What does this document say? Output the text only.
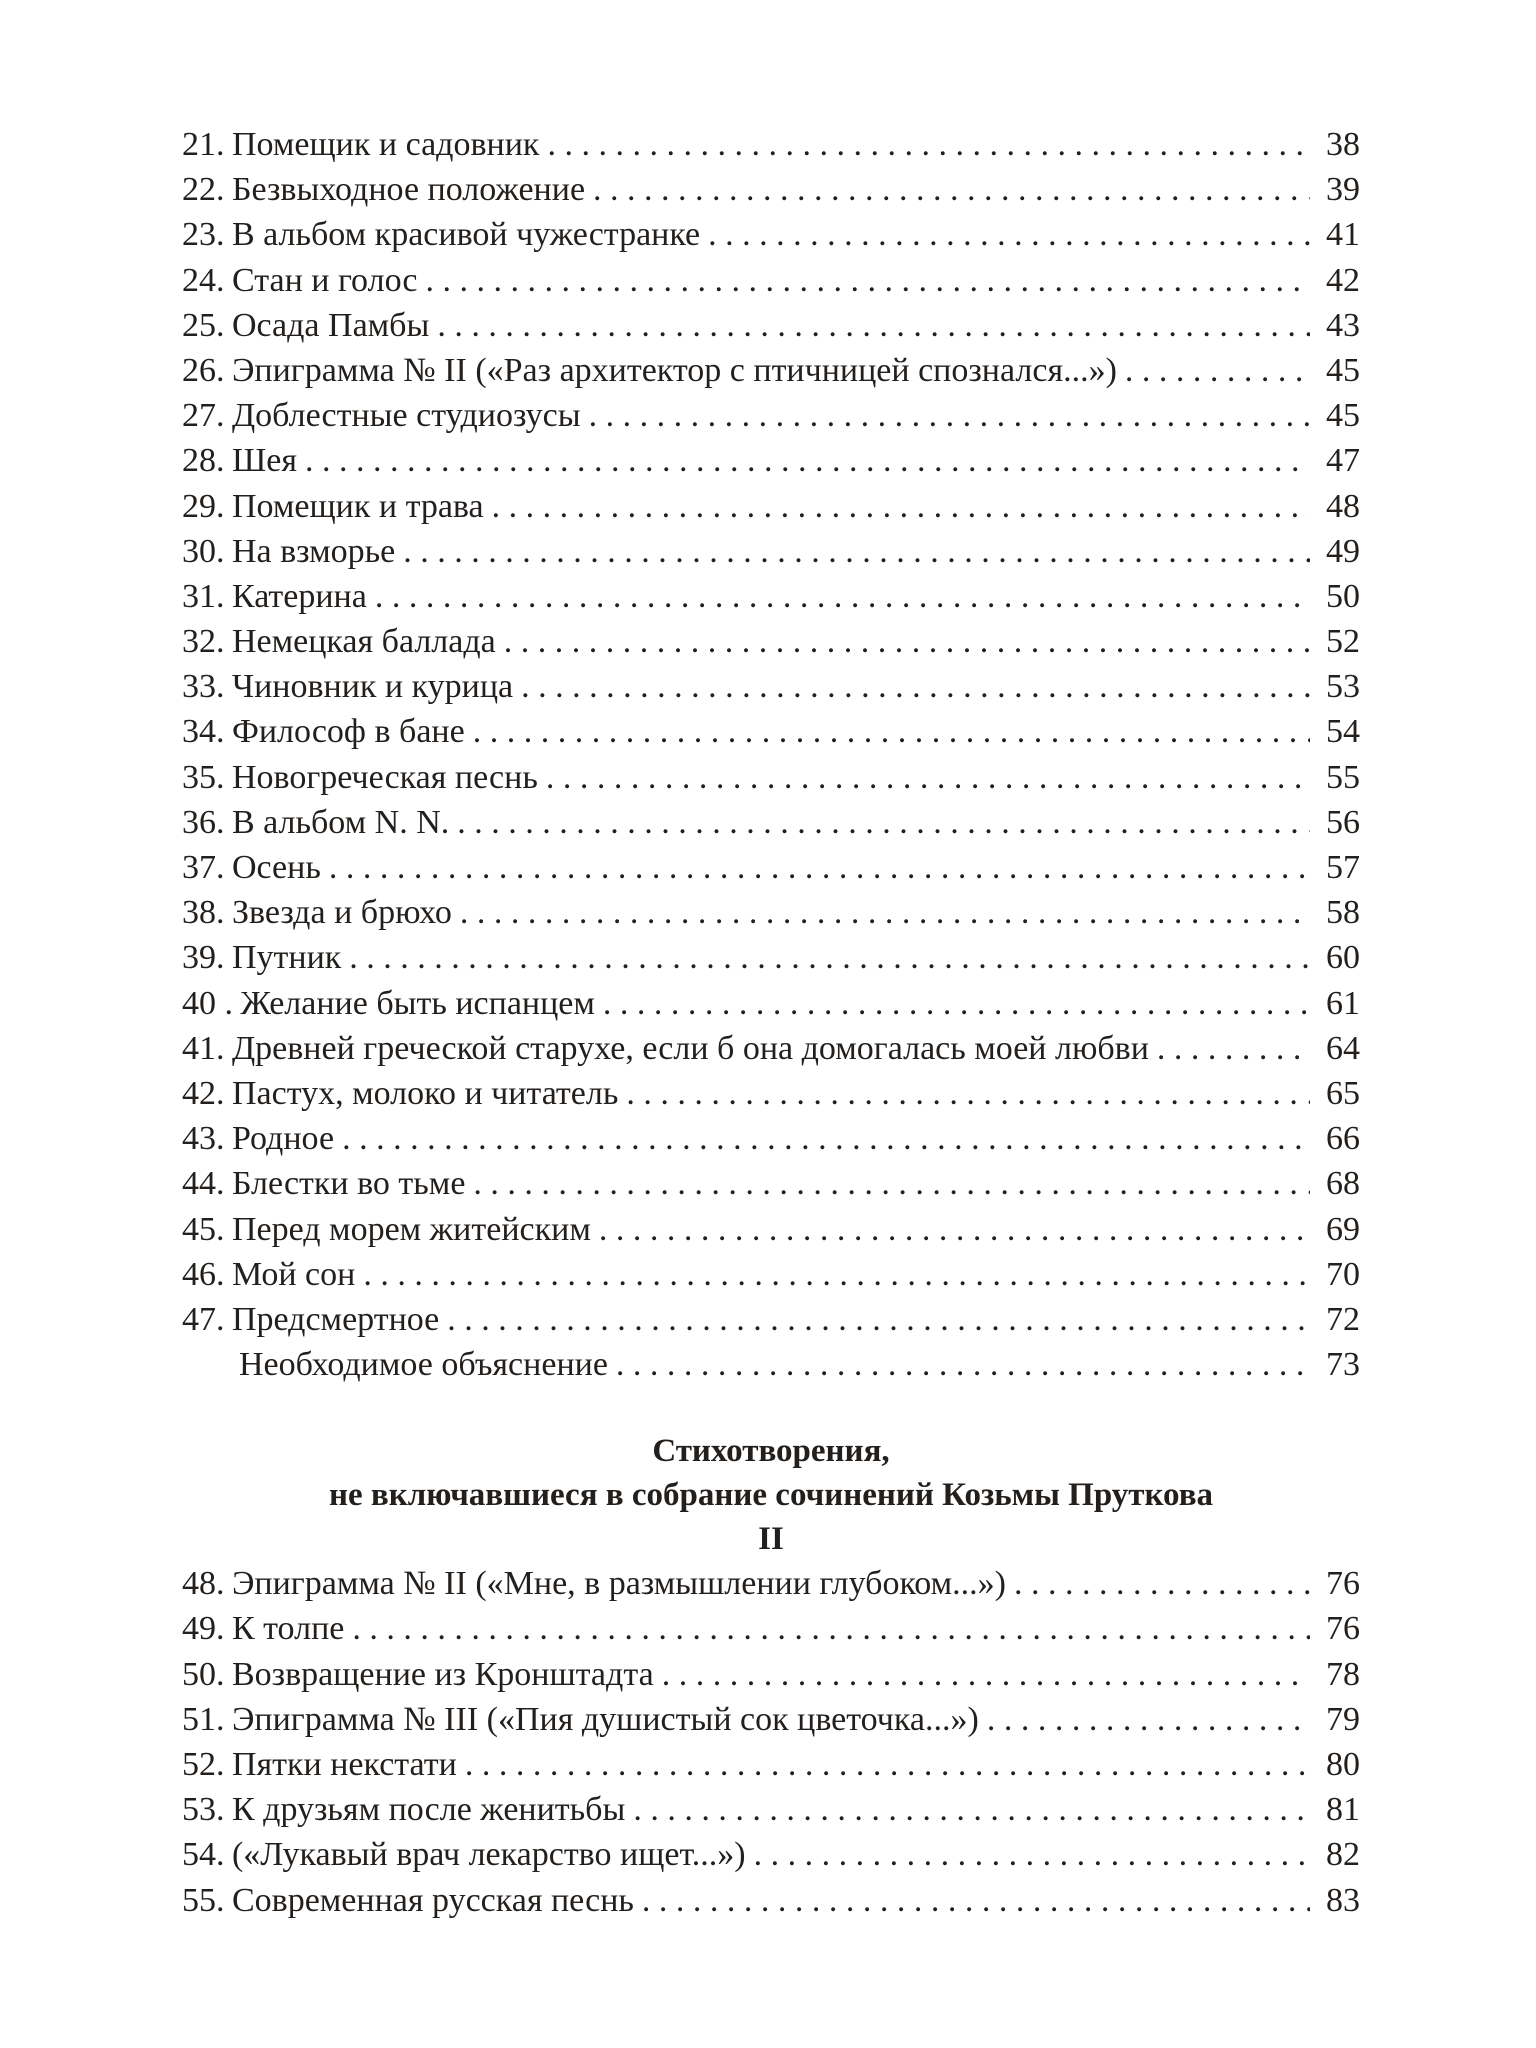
21. Помещик и садовник . . .	38
22. Безвыходное положение . . .	39
23. В альбом красивой чужестранке . . .	41
24. Стан и голос . . .	42
25. Осада Памбы . . .	43
26. Эпиграмма № II («Раз архитектор с птичницей спознался...») . . .	45
27. Доблестные студиозусы . . .	45
28. Шея . . .	47
29. Помещик и трава . . .	48
30. На взморье . . .	49
31. Катерина . . .	50
32. Немецкая баллада . . .	52
33. Чиновник и курица . . .	53
34. Философ в бане . . .	54
35. Новогреческая песнь . . .	55
36. В альбом N. N. . . .	56
37. Осень . . .	57
38. Звезда и брюхо . . .	58
39. Путник . . .	60
40 . Желание быть испанцем . . .	61
41. Древней греческой старухе, если б она домогалась моей любви . . .	64
42. Пастух, молоко и читатель . . .	65
43. Родное . . .	66
44. Блестки во тьме . . .	68
45. Перед морем житейским . . .	69
46. Мой сон . . .	70
47. Предсмертное . . .	72
Необходимое объяснение . . .	73
Стихотворения,
не включавшиеся в собрание сочинений Козьмы Пруткова
II
48. Эпиграмма № II («Мне, в размышлении глубоком...») . . .	76
49. К толпе . . .	76
50. Возвращение из Кронштадта . . .	78
51. Эпиграмма № III («Пия душистый сок цветочка...») . . .	79
52. Пятки некстати . . .	80
53. К друзьям после женитьбы . . .	81
54. («Лукавый врач лекарство ищет...») . . .	82
55. Современная русская песнь . . .	83
